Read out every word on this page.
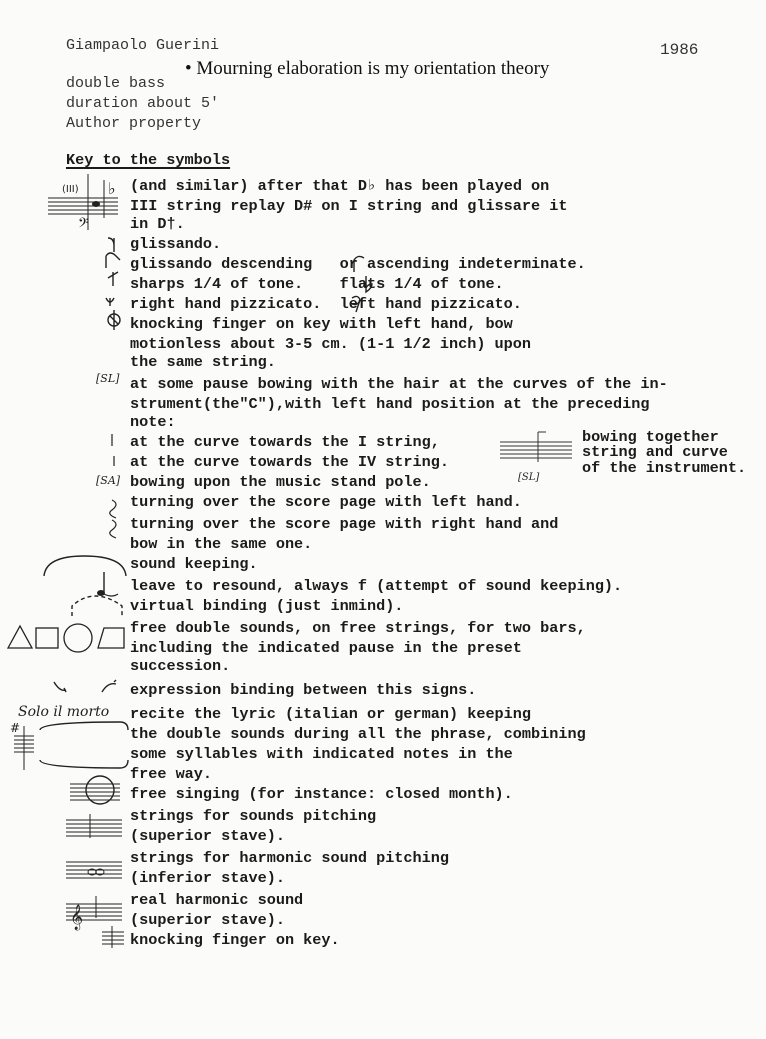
Giampaolo Guerini	1986
• Mourning elaboration is my orientation theory
double bass
duration about 5'
Author property
Key to the symbols
(and similar) after that D♭ has been played on
III string replay D# on I string and glissare it
in D†.
glissando.
glissando descending   or ascending indeterminate.
sharps 1/4 of tone.    flats 1/4 of tone.
right hand pizzicato.  left hand pizzicato.
knocking finger on key with left hand, bow
motionless about 3-5 cm. (1-1 1/2 inch) upon
the same string.
at some pause bowing with the hair at the curves of the in-
strument(the"C"),with left hand position at the preceding
note:
at the curve towards the I string,
at the curve towards the IV string.
bowing upon the music stand pole.
turning over the score page with left hand.
turning over the score page with right hand and
bow in the same one.
sound keeping.
leave to resound, always f (attempt of sound keeping).
virtual binding (just inmind).
free double sounds, on free strings, for two bars,
including the indicated pause in the preset
succession.
expression binding between this signs.
recite the lyric (italian or german) keeping
the double sounds during all the phrase, combining
some syllables with indicated notes in the
free way.
free singing (for instance: closed month).
strings for sounds pitching
(superior stave).
strings for harmonic sound pitching
(inferior stave).
real harmonic sound
(superior stave).
knocking finger on key.
bowing together
string and curve
of the instrument.
[SL]
[SA]	[SL]
Solo il morto
(III) ♭
𝄢
#
𝄞
